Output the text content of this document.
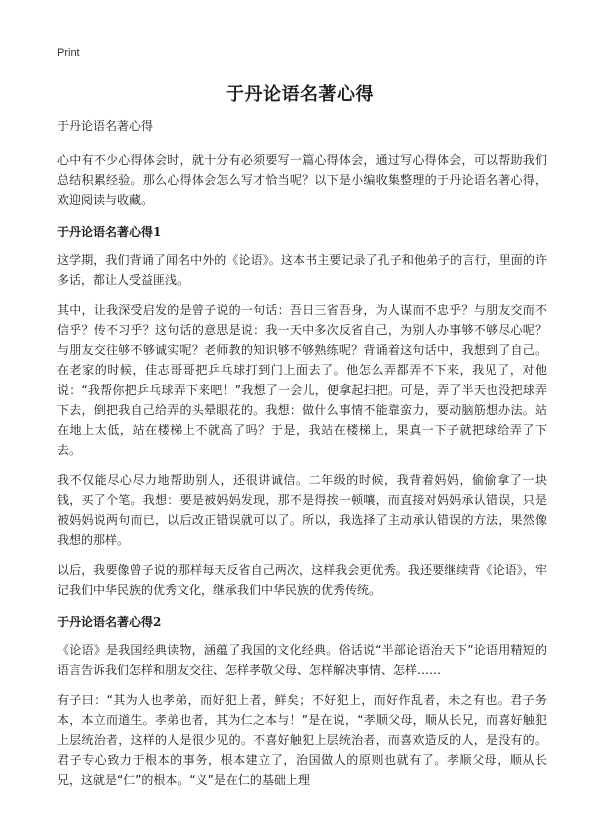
Print
于丹论语名著心得
于丹论语名著心得

心中有不少心得体会时，就十分有必须要写一篇心得体会，通过写心得体会，可以帮助我们总结积累经验。那么心得体会怎么写才恰当呢？以下是小编收集整理的于丹论语名著心得，欢迎阅读与收藏。

于丹论语名著心得1

这学期，我们背诵了闻名中外的《论语》。这本书主要记录了孔子和他弟子的言行，里面的许多话，都让人受益匪浅。

其中，让我深受启发的是曾子说的一句话：吾日三省吾身，为人谋而不忠乎？与朋友交而不信乎？传不习乎？这句话的意思是说：我一天中多次反省自己，为别人办事够不够尽心呢？与朋友交往够不够诚实呢？老师教的知识够不够熟练呢？背诵着这句话中，我想到了自己。在老家的时候，佳志哥哥把乒乓球打到门上面去了。他怎么弄都弄不下来，我见了，对他说：“我帮你把乒乓球弄下来吧！”我想了一会儿，便拿起扫把。可是，弄了半天也没把球弄下去，倒把我自己给弄的头晕眼花的。我想：做什么事情不能靠蛮力，要动脑筋想办法。站在地上太低，站在楼梯上不就高了吗？于是，我站在楼梯上，果真一下子就把球给弄了下去。

我不仅能尽心尽力地帮助别人，还很讲诚信。二年级的时候，我背着妈妈，偷偷拿了一块钱，买了个笔。我想：要是被妈妈发现，那不是得挨一顿嚷，而直接对妈妈承认错误，只是被妈妈说两句而已，以后改正错误就可以了。所以，我选择了主动承认错误的方法，果然像我想的那样。

以后，我要像曾子说的那样每天反省自己两次，这样我会更优秀。我还要继续背《论语》，牢记我们中华民族的优秀文化，继承我们中华民族的优秀传统。

于丹论语名著心得2

《论语》是我国经典读物，涵蕴了我国的文化经典。俗话说“半部论语治天下”论语用精短的语言告诉我们怎样和朋友交往、怎样孝敬父母、怎样解决事情、怎样……

有子曰：“其为人也孝弟，而好犯上者，鲜矣；不好犯上，而好作乱者，未之有也。君子务本，本立而道生。孝弟也者，其为仁之本与！”是在说，“孝顺父母，顺从长兄，而喜好触犯上层统治者，这样的人是很少见的。不喜好触犯上层统治者，而喜欢造反的人，是没有的。君子专心致力于根本的事务，根本建立了，治国做人的原则也就有了。孝顺父母，顺从长兄，这就是“仁”的根本。“义”是在仁的基础上理
